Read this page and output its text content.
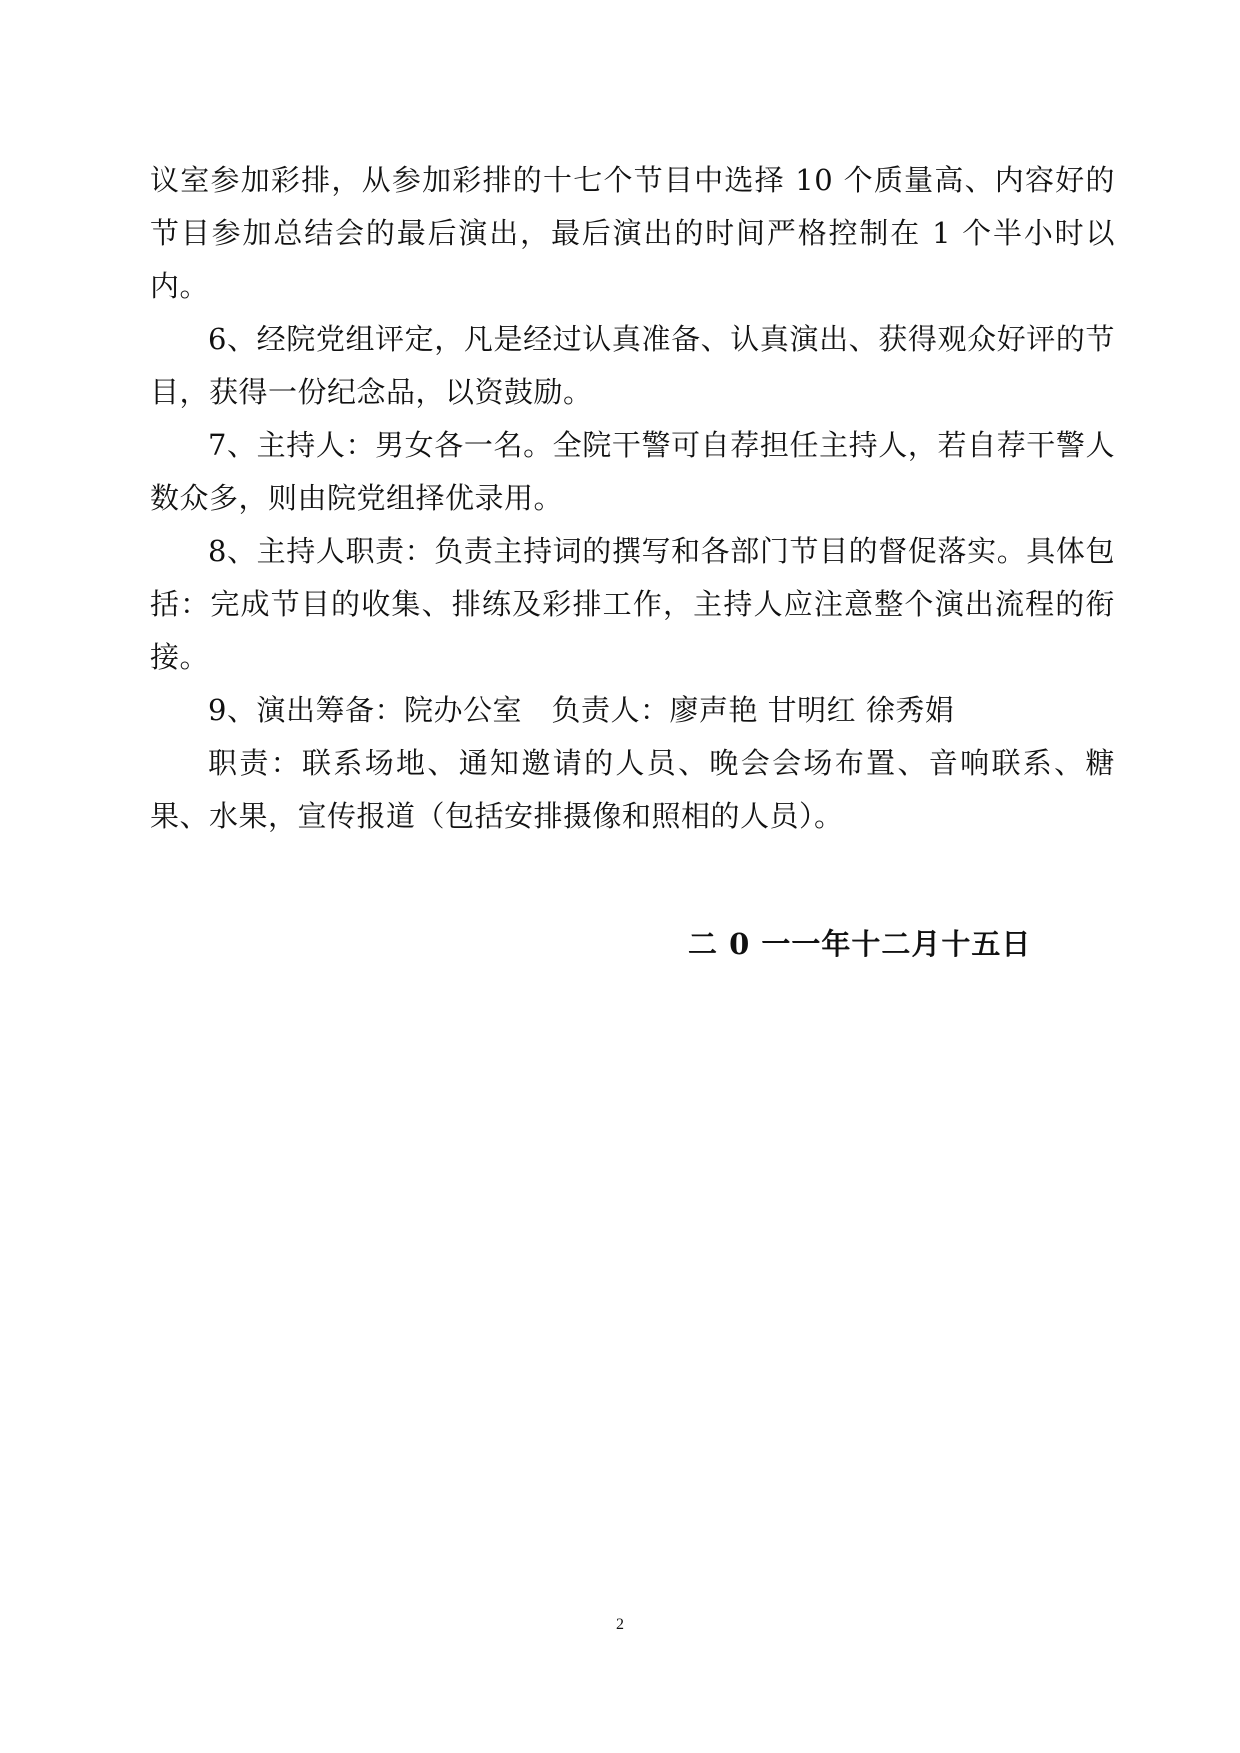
议室参加彩排，从参加彩排的十七个节目中选择 10 个质量高、内容好的节目参加总结会的最后演出，最后演出的时间严格控制在 1 个半小时以内。

6、经院党组评定，凡是经过认真准备、认真演出、获得观众好评的节目，获得一份纪念品，以资鼓励。

7、主持人：男女各一名。全院干警可自荐担任主持人，若自荐干警人数众多，则由院党组择优录用。

8、主持人职责：负责主持词的撰写和各部门节目的督促落实。具体包括：完成节目的收集、排练及彩排工作，主持人应注意整个演出流程的衔接。

9、演出筹备：院办公室　负责人：廖声艳 甘明红 徐秀娟

职责：联系场地、通知邀请的人员、晚会会场布置、音响联系、糖果、水果，宣传报道（包括安排摄像和照相的人员）。

二 0 一一年十二月十五日
2
